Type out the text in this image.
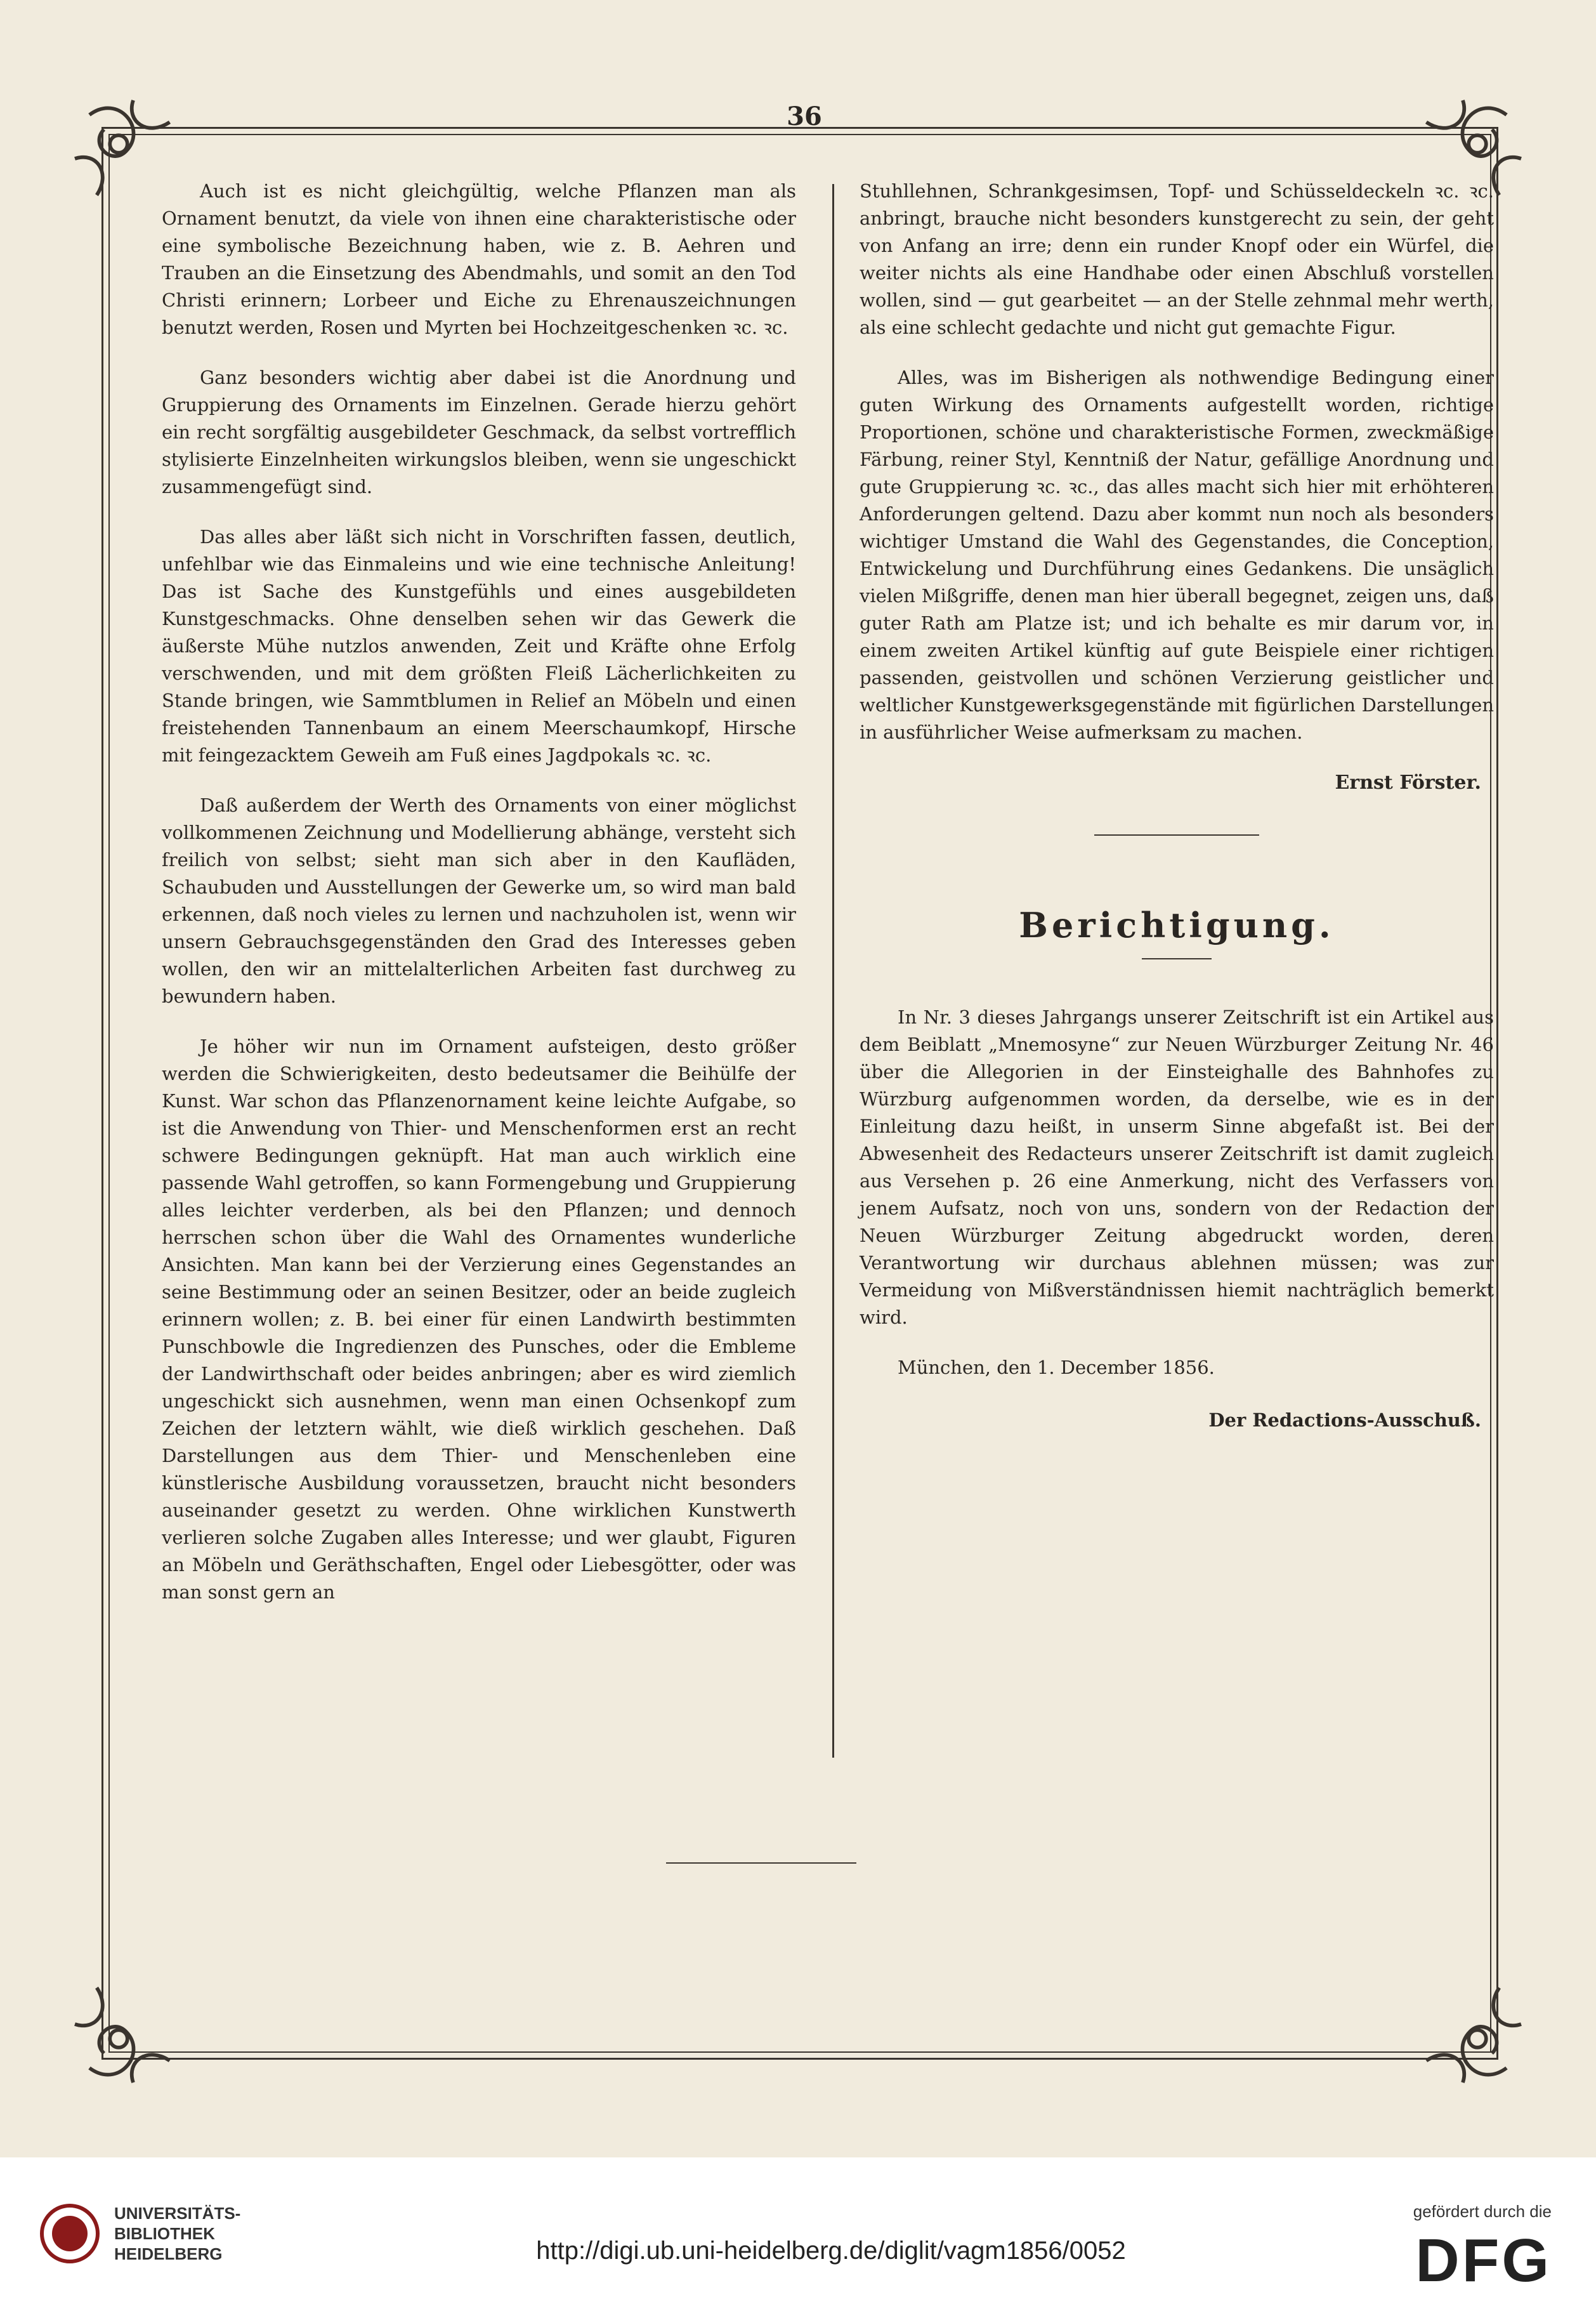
36

Auch ist es nicht gleichgültig, welche Pflanzen man als Ornament benutzt, da viele von ihnen eine charakteristische oder eine symbolische Bezeichnung haben, wie z. B. Aehren und Trauben an die Einsetzung des Abendmahls, und somit an den Tod Christi erinnern; Lorbeer und Eiche zu Ehrenauszeichnungen benutzt werden, Rosen und Myrten bei Hochzeitgeschenken ꝛc. ꝛc.

Ganz besonders wichtig aber dabei ist die Anordnung und Gruppierung des Ornaments im Einzelnen. Gerade hierzu gehört ein recht sorgfältig ausgebildeter Geschmack, da selbst vortrefflich stylisierte Einzelnheiten wirkungslos bleiben, wenn sie ungeschickt zusammengefügt sind.

Das alles aber läßt sich nicht in Vorschriften fassen, deutlich, unfehlbar wie das Einmaleins und wie eine technische Anleitung! Das ist Sache des Kunstgefühls und eines ausgebildeten Kunstgeschmacks. Ohne denselben sehen wir das Gewerk die äußerste Mühe nutzlos anwenden, Zeit und Kräfte ohne Erfolg verschwenden, und mit dem größten Fleiß Lächerlichkeiten zu Stande bringen, wie Sammtblumen in Relief an Möbeln und einen freistehenden Tannenbaum an einem Meerschaumkopf, Hirsche mit feingezacktem Geweih am Fuß eines Jagdpokals ꝛc. ꝛc.

Daß außerdem der Werth des Ornaments von einer möglichst vollkommenen Zeichnung und Modellierung abhänge, versteht sich freilich von selbst; sieht man sich aber in den Kaufläden, Schaubuden und Ausstellungen der Gewerke um, so wird man bald erkennen, daß noch vieles zu lernen und nachzuholen ist, wenn wir unsern Gebrauchsgegenständen den Grad des Interesses geben wollen, den wir an mittelalterlichen Arbeiten fast durchweg zu bewundern haben.

Je höher wir nun im Ornament aufsteigen, desto größer werden die Schwierigkeiten, desto bedeutsamer die Beihülfe der Kunst. War schon das Pflanzenornament keine leichte Aufgabe, so ist die Anwendung von Thier- und Menschenformen erst an recht schwere Bedingungen geknüpft. Hat man auch wirklich eine passende Wahl getroffen, so kann Formengebung und Gruppierung alles leichter verderben, als bei den Pflanzen; und dennoch herrschen schon über die Wahl des Ornamentes wunderliche Ansichten. Man kann bei der Verzierung eines Gegenstandes an seine Bestimmung oder an seinen Besitzer, oder an beide zugleich erinnern wollen; z. B. bei einer für einen Landwirth bestimmten Punschbowle die Ingredienzen des Punsches, oder die Embleme der Landwirthschaft oder beides anbringen; aber es wird ziemlich ungeschickt sich ausnehmen, wenn man einen Ochsenkopf zum Zeichen der letztern wählt, wie dieß wirklich geschehen. Daß Darstellungen aus dem Thier- und Menschenleben eine künstlerische Ausbildung voraussetzen, braucht nicht besonders auseinander gesetzt zu werden. Ohne wirklichen Kunstwerth verlieren solche Zugaben alles Interesse; und wer glaubt, Figuren an Möbeln und Geräthschaften, Engel oder Liebesgötter, oder was man sonst gern an

Stuhllehnen, Schrankgesimsen, Topf- und Schüsseldeckeln ꝛc. ꝛc. anbringt, brauche nicht besonders kunstgerecht zu sein, der geht von Anfang an irre; denn ein runder Knopf oder ein Würfel, die weiter nichts als eine Handhabe oder einen Abschluß vorstellen wollen, sind — gut gearbeitet — an der Stelle zehnmal mehr werth, als eine schlecht gedachte und nicht gut gemachte Figur.

Alles, was im Bisherigen als nothwendige Bedingung einer guten Wirkung des Ornaments aufgestellt worden, richtige Proportionen, schöne und charakteristische Formen, zweckmäßige Färbung, reiner Styl, Kenntniß der Natur, gefällige Anordnung und gute Gruppierung ꝛc. ꝛc., das alles macht sich hier mit erhöhteren Anforderungen geltend. Dazu aber kommt nun noch als besonders wichtiger Umstand die Wahl des Gegenstandes, die Conception, Entwickelung und Durchführung eines Gedankens. Die unsäglich vielen Mißgriffe, denen man hier überall begegnet, zeigen uns, daß guter Rath am Platze ist; und ich behalte es mir darum vor, in einem zweiten Artikel künftig auf gute Beispiele einer richtigen passenden, geistvollen und schönen Verzierung geistlicher und weltlicher Kunstgewerksgegenstände mit figürlichen Darstellungen in ausführlicher Weise aufmerksam zu machen.

Ernst Förster.
Berichtigung.

In Nr. 3 dieses Jahrgangs unserer Zeitschrift ist ein Artikel aus dem Beiblatt „Mnemosyne“ zur Neuen Würzburger Zeitung Nr. 46 über die Allegorien in der Einsteighalle des Bahnhofes zu Würzburg aufgenommen worden, da derselbe, wie es in der Einleitung dazu heißt, in unserm Sinne abgefaßt ist. Bei der Abwesenheit des Redacteurs unserer Zeitschrift ist damit zugleich aus Versehen p. 26 eine Anmerkung, nicht des Verfassers von jenem Aufsatz, noch von uns, sondern von der Redaction der Neuen Würzburger Zeitung abgedruckt worden, deren Verantwortung wir durchaus ablehnen müssen; was zur Vermeidung von Mißverständnissen hiemit nachträglich bemerkt wird.

München, den 1. December 1856.

Der Redactions-Ausschuß.
UNIVERSITÄTS-
BIBLIOTHEK
HEIDELBERG	http://digi.ub.uni-heidelberg.de/diglit/vagm1856/0052
gefördert durch die
DFG
